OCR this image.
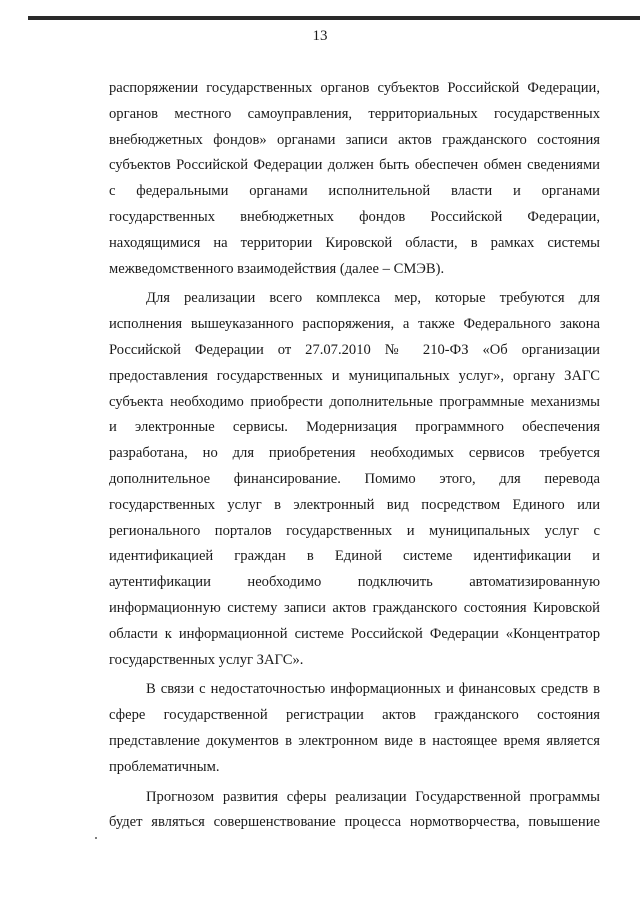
13
распоряжении государственных органов субъектов Российской Федерации,
органов местного самоуправления, территориальных государственных
внебюджетных фондов» органами записи актов гражданского состояния
субъектов Российской Федерации должен быть обеспечен обмен сведениями
с федеральными органами исполнительной власти и органами
государственных внебюджетных фондов Российской Федерации,
находящимися на территории Кировской области, в рамках системы
межведомственного взаимодействия (далее – СМЭВ).
Для реализации всего комплекса мер, которые требуются для
исполнения вышеуказанного распоряжения, а также Федерального закона
Российской Федерации от 27.07.2010 № 210-ФЗ «Об организации
предоставления государственных и муниципальных услуг», органу ЗАГС
субъекта необходимо приобрести дополнительные программные механизмы
и электронные сервисы. Модернизация программного обеспечения
разработана, но для приобретения необходимых сервисов требуется
дополнительное финансирование. Помимо этого, для перевода
государственных услуг в электронный вид посредством Единого или
регионального порталов государственных и муниципальных услуг с
идентификацией граждан в Единой системе идентификации и
аутентификации необходимо подключить автоматизированную
информационную систему записи актов гражданского состояния Кировской
области к информационной системе Российской Федерации «Концентратор
государственных услуг ЗАГС».
В связи с недостаточностью информационных и финансовых средств в
сфере государственной регистрации актов гражданского состояния
представление документов в электронном виде в настоящее время является
проблематичным.
Прогнозом развития сферы реализации Государственной программы
будет являться совершенствование процесса нормотворчества, повышение
